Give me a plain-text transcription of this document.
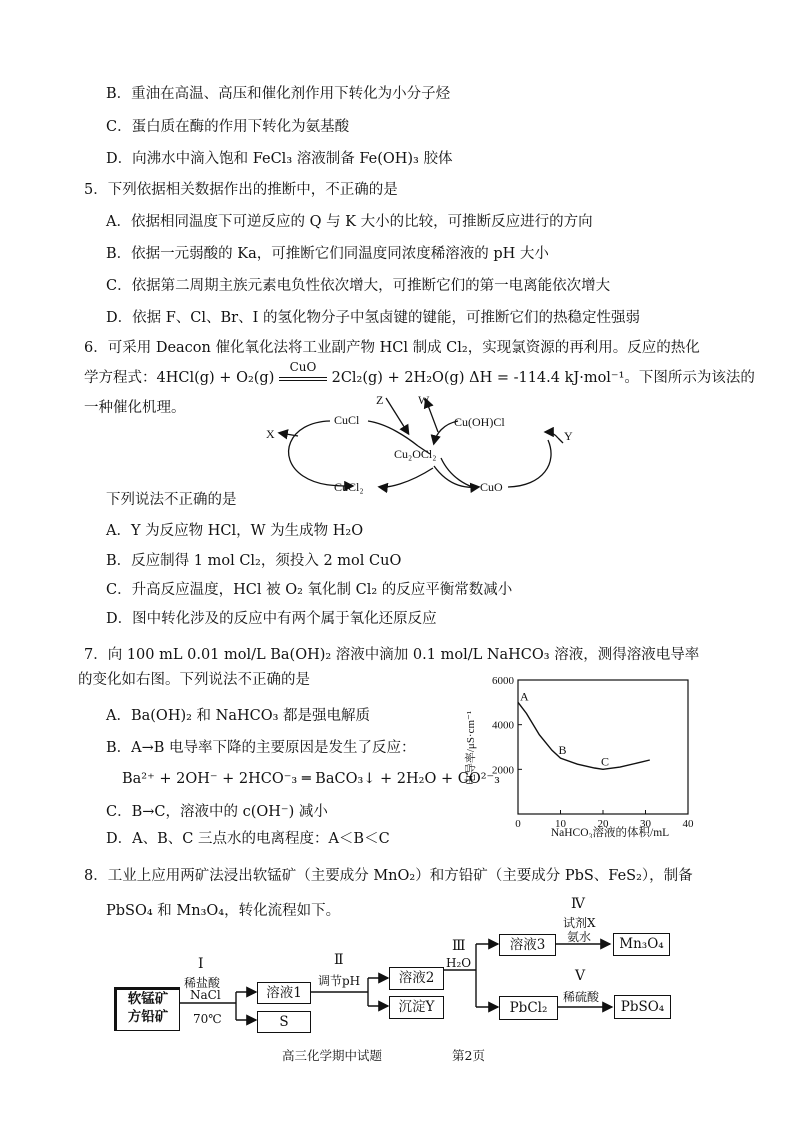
B．重油在高温、高压和催化剂作用下转化为小分子烃
C．蛋白质在酶的作用下转化为氨基酸
D．向沸水中滴入饱和 FeCl₃ 溶液制备 Fe(OH)₃ 胶体
5．下列依据相关数据作出的推断中，不正确的是
A．依据相同温度下可逆反应的 Q 与 K 大小的比较，可推断反应进行的方向
B．依据一元弱酸的 Ka，可推断它们同温度同浓度稀溶液的 pH 大小
C．依据第二周期主族元素电负性依次增大，可推断它们的第一电离能依次增大
D．依据 F、Cl、Br、I 的氢化物分子中氢卤键的键能，可推断它们的热稳定性强弱
6．可采用 Deacon 催化氧化法将工业副产物 HCl 制成 Cl₂，实现氯资源的再利用。反应的热化
学方程式：4HCl(g) + O₂(g)
CuO
2Cl₂(g) + 2H₂O(g) ΔH = -114.4 kJ·mol⁻¹。下图所示为该法的
一种催化机理。
CuCl
Z	W
Cu(OH)Cl
X
Cu₂OCl₂
Y
CuCl₂	CuO
下列说法不正确的是
A．Y 为反应物 HCl，W 为生成物 H₂O
B．反应制得 1 mol Cl₂，须投入 2 mol CuO
C．升高反应温度，HCl 被 O₂ 氧化制 Cl₂ 的反应平衡常数减小
D．图中转化涉及的反应中有两个属于氧化还原反应
7．向 100 mL 0.01 mol/L Ba(OH)₂ 溶液中滴加 0.1 mol/L NaHCO₃ 溶液，测得溶液电导率
的变化如右图。下列说法不正确的是
A．Ba(OH)₂ 和 NaHCO₃ 都是强电解质
B．A→B 电导率下降的主要原因是发生了反应：
Ba²⁺ + 2OH⁻ + 2HCO⁻₃ ═ BaCO₃↓ + 2H₂O + CO²⁻₃
C．B→C，溶液中的 c(OH⁻) 减小
D．A、B、C 三点水的电离程度：A＜B＜C
0	10	20	30	40
2000
4000
6000
A
B
C
NaHCO₃溶液的体积/mL
电导率/μS·cm⁻¹
8．工业上应用两矿法浸出软锰矿（主要成分 MnO₂）和方铅矿（主要成分 PbS、FeS₂），制备
PbSO₄ 和 Mn₃O₄，转化流程如下。
软锰矿
方铅矿
Ⅰ
稀盐酸
NaCl
70℃
溶液1
S
Ⅱ
调节pH	溶液2
沉淀Y
Ⅲ
H₂O
溶液3
PbCl₂
Ⅳ
试剂X
氨水	Mn₃O₄
Ⅴ
稀硫酸
PbSO₄
高三化学期中试题	第2页
